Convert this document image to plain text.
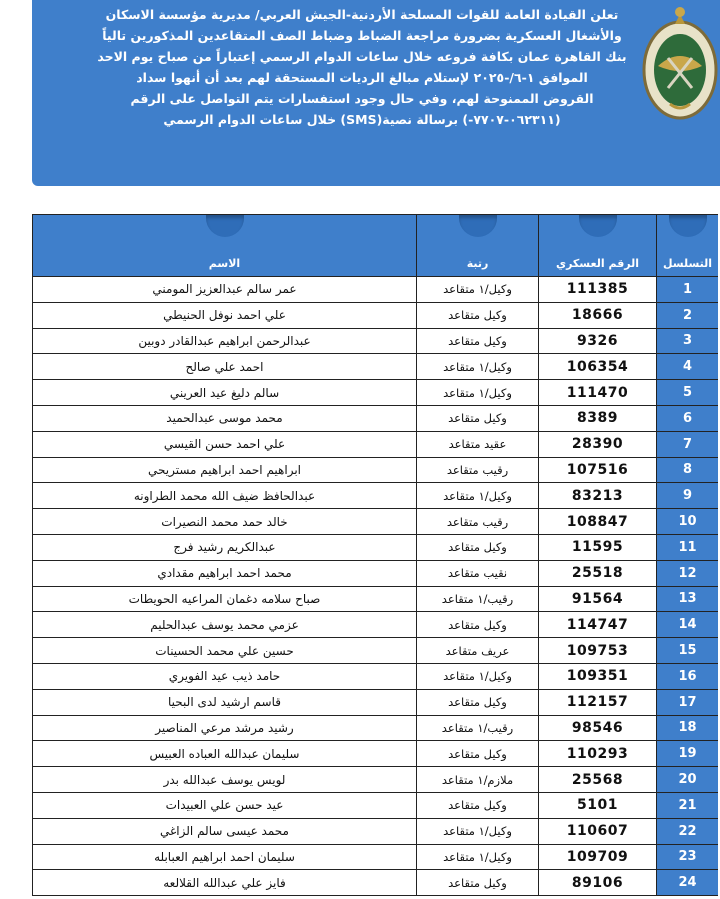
تعلن القيادة العامة للقوات المسلحة الأردنية-الجيش العربي/ مديرية مؤسسة الاسكان
والأشغال العسكرية بضرورة مراجعة الضباط وضباط الصف المتقاعدين المذكورين تالياً
بنك القاهرة عمان بكافة فروعه خلال ساعات الدوام الرسمي إعتباراً من صباح يوم الاحد
الموافق ١-٦/-٢٠٢٥ لإستلام مبالغ الرديات المستحقة لهم بعد أن أنهوا سداد
القروض الممنوحة لهم، وفي حال وجود استفسارات يتم التواصل على الرقم
(٠٦٢٣١١-٧٧٠٧-) برسالة نصية(SMS) خلال ساعات الدوام الرسمي
التسلسل	الرقم العسكري	رتبة	الاسم
1	111385	وكيل/١ متقاعد	عمر سالم عبدالعزيز المومني
2	18666	وكيل متقاعد	علي احمد نوفل الحنيطي
3	9326	وكيل متقاعد	عبدالرحمن ابراهيم عبدالقادر دوبين
4	106354	وكيل/١ متقاعد	احمد علي صالح
5	111470	وكيل/١ متقاعد	سالم دليغ عيد العريني
6	8389	وكيل متقاعد	محمد موسى عبدالحميد
7	28390	عقيد متقاعد	علي احمد حسن القيسي
8	107516	رقيب متقاعد	ابراهيم احمد ابراهيم مستريحي
9	83213	وكيل/١ متقاعد	عبدالحافظ ضيف الله محمد الطراونه
10	108847	رقيب متقاعد	خالد حمد محمد النصيرات
11	11595	وكيل متقاعد	عبدالكريم رشيد فرج
12	25518	نقيب متقاعد	محمد احمد ابراهيم مقدادي
13	91564	رقيب/١ متقاعد	صباح سلامه دغمان المراعيه الحويطات
14	114747	وكيل متقاعد	عزمي محمد يوسف عبدالحليم
15	109753	عريف متقاعد	حسين علي محمد الحسينات
16	109351	وكيل/١ متقاعد	حامد ذيب عيد الفويري
17	112157	وكيل متقاعد	قاسم ارشيد لدى البحيا
18	98546	رقيب/١ متقاعد	رشيد مرشد مرعي المناصير
19	110293	وكيل متقاعد	سليمان عبدالله العباده العبيس
20	25568	ملازم/١ متقاعد	لويس يوسف عبدالله بدر
21	5101	وكيل متقاعد	عيد حسن علي العبيدات
22	110607	وكيل/١ متقاعد	محمد عيسى سالم الزاغي
23	109709	وكيل/١ متقاعد	سليمان احمد ابراهيم العبابله
24	89106	وكيل متقاعد	فايز علي عبدالله القلالعه
